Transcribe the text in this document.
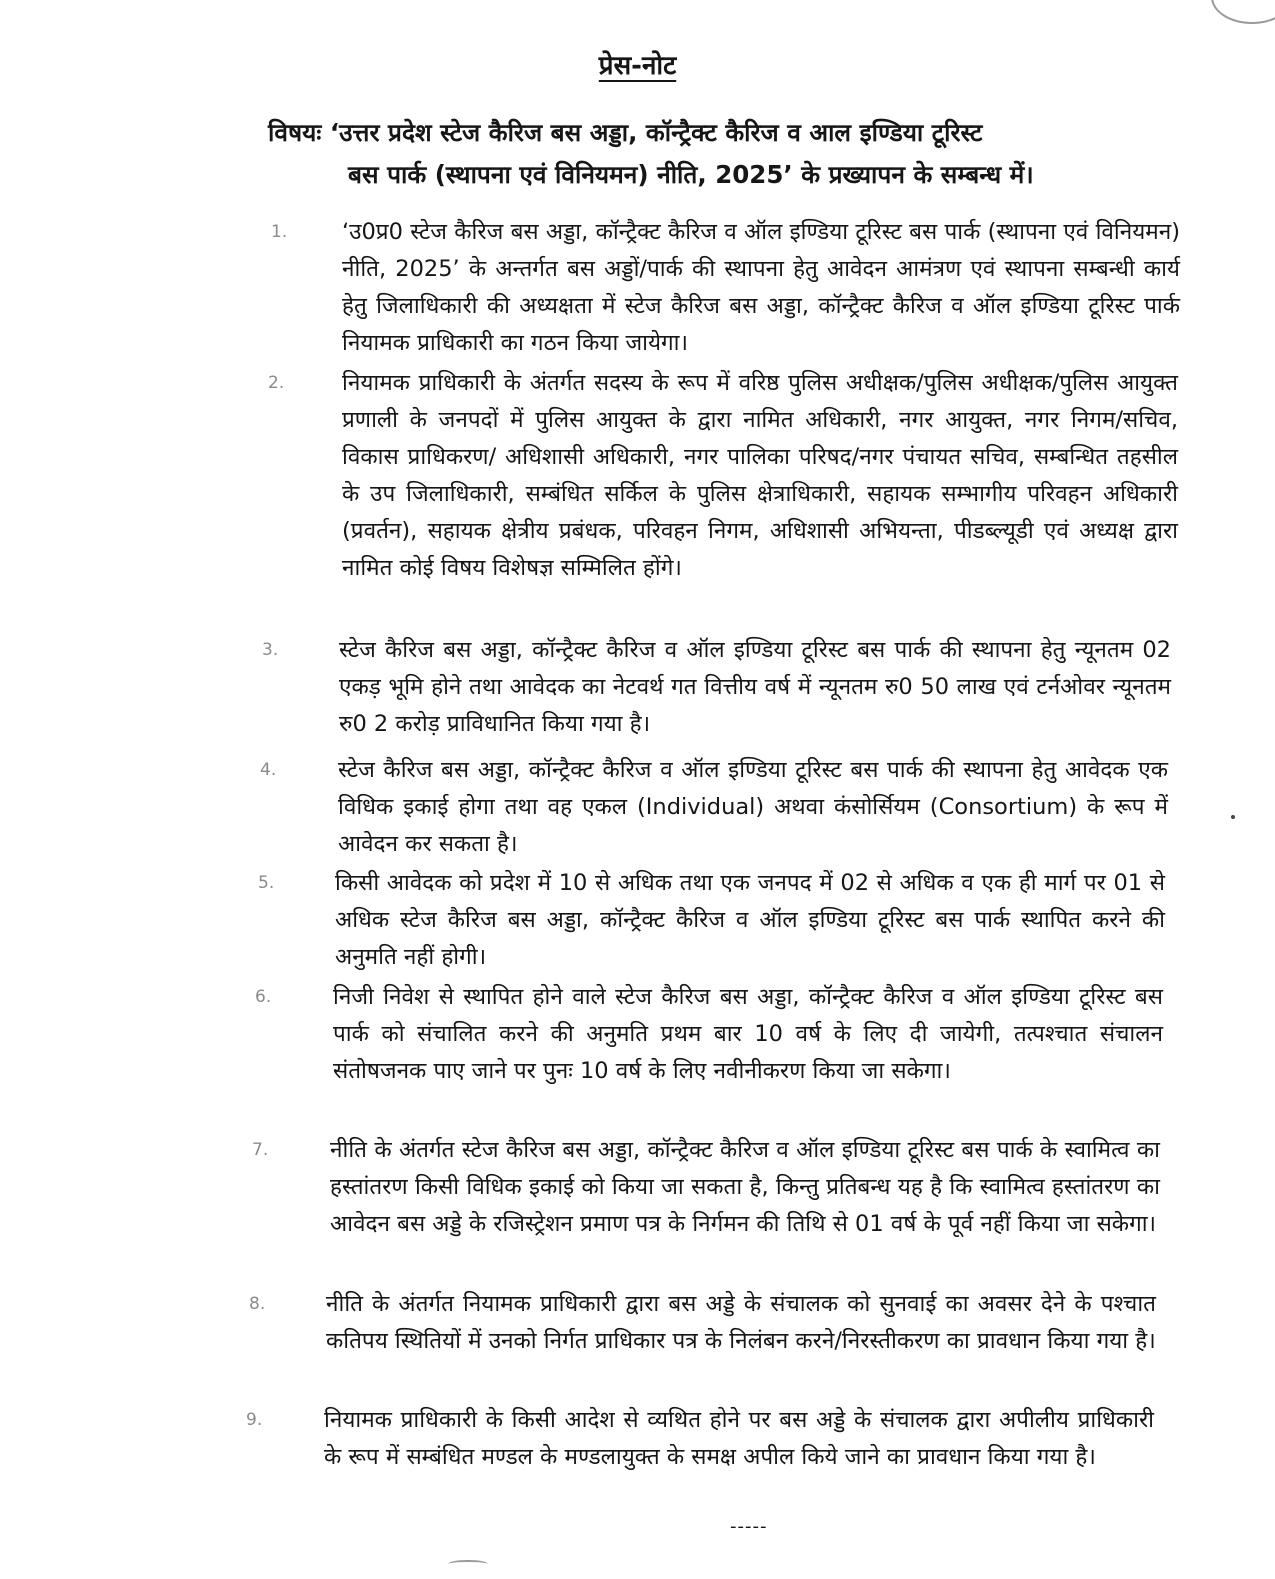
प्रेस-नोट
विषयः ‘उत्तर प्रदेश स्टेज कैरिज बस अड्डा, कॉन्ट्रैक्ट कैरिज व आल इण्डिया टूरिस्ट
बस पार्क (स्थापना एवं विनियमन) नीति, 2025’ के प्रख्यापन के सम्बन्ध में।
1. ‘उ0प्र0 स्टेज कैरिज बस अड्डा, कॉन्ट्रैक्ट कैरिज व ऑल इण्डिया टूरिस्ट बस पार्क (स्थापना एवं विनियमन) नीति, 2025’ के अन्तर्गत बस अड्डों/पार्क की स्थापना हेतु आवेदन आमंत्रण एवं स्थापना सम्बन्धी कार्य हेतु जिलाधिकारी की अध्यक्षता में स्टेज कैरिज बस अड्डा, कॉन्ट्रैक्ट कैरिज व ऑल इण्डिया टूरिस्ट पार्क नियामक प्राधिकारी का गठन किया जायेगा।
2.	नियामक प्राधिकारी के अंतर्गत सदस्य के रूप में वरिष्ठ पुलिस अधीक्षक/पुलिस अधीक्षक/पुलिस आयुक्त प्रणाली के जनपदों में पुलिस आयुक्त के द्वारा नामित अधिकारी, नगर आयुक्त, नगर निगम/सचिव, विकास प्राधिकरण/ अधिशासी अधिकारी, नगर पालिका परिषद/नगर पंचायत सचिव, सम्बन्धित तहसील के उप जिलाधिकारी, सम्बंधित सर्किल के पुलिस क्षेत्राधिकारी, सहायक सम्भागीय परिवहन अधिकारी (प्रवर्तन), सहायक क्षेत्रीय प्रबंधक, परिवहन निगम, अधिशासी अभियन्ता, पीडब्ल्यूडी एवं अध्यक्ष द्वारा नामित कोई विषय विशेषज्ञ सम्मिलित होंगे।
3.	स्टेज कैरिज बस अड्डा, कॉन्ट्रैक्ट कैरिज व ऑल इण्डिया टूरिस्ट बस पार्क की स्थापना हेतु न्यूनतम 02 एकड़ भूमि होने तथा आवेदक का नेटवर्थ गत वित्तीय वर्ष में न्यूनतम रु0 50 लाख एवं टर्नओवर न्यूनतम रु0 2 करोड़ प्राविधानित किया गया है।
4.	स्टेज कैरिज बस अड्डा, कॉन्ट्रैक्ट कैरिज व ऑल इण्डिया टूरिस्ट बस पार्क की स्थापना हेतु आवेदक एक विधिक इकाई होगा तथा वह एकल (Individual) अथवा कंसोर्सियम (Consortium) के रूप में आवेदन कर सकता है।
5.	किसी आवेदक को प्रदेश में 10 से अधिक तथा एक जनपद में 02 से अधिक व एक ही मार्ग पर 01 से अधिक स्टेज कैरिज बस अड्डा, कॉन्ट्रैक्ट कैरिज व ऑल इण्डिया टूरिस्ट बस पार्क स्थापित करने की अनुमति नहीं होगी।
6.	निजी निवेश से स्थापित होने वाले स्टेज कैरिज बस अड्डा, कॉन्ट्रैक्ट कैरिज व ऑल इण्डिया टूरिस्ट बस पार्क को संचालित करने की अनुमति प्रथम बार 10 वर्ष के लिए दी जायेगी, तत्पश्चात संचालन संतोषजनक पाए जाने पर पुनः 10 वर्ष के लिए नवीनीकरण किया जा सकेगा।
7.	नीति के अंतर्गत स्टेज कैरिज बस अड्डा, कॉन्ट्रैक्ट कैरिज व ऑल इण्डिया टूरिस्ट बस पार्क के स्वामित्व का हस्तांतरण किसी विधिक इकाई को किया जा सकता है, किन्तु प्रतिबन्ध यह है कि स्वामित्व हस्तांतरण का आवेदन बस अड्डे के रजिस्ट्रेशन प्रमाण पत्र के निर्गमन की तिथि से 01 वर्ष के पूर्व नहीं किया जा सकेगा।
8.	नीति के अंतर्गत नियामक प्राधिकारी द्वारा बस अड्डे के संचालक को सुनवाई का अवसर देने के पश्चात कतिपय स्थितियों में उनको निर्गत प्राधिकार पत्र के निलंबन करने/निरस्तीकरण का प्रावधान किया गया है।
9.	नियामक प्राधिकारी के किसी आदेश से व्यथित होने पर बस अड्डे के संचालक द्वारा अपीलीय प्राधिकारी के रूप में सम्बंधित मण्डल के मण्डलायुक्त के समक्ष अपील किये जाने का प्रावधान किया गया है।
-----
